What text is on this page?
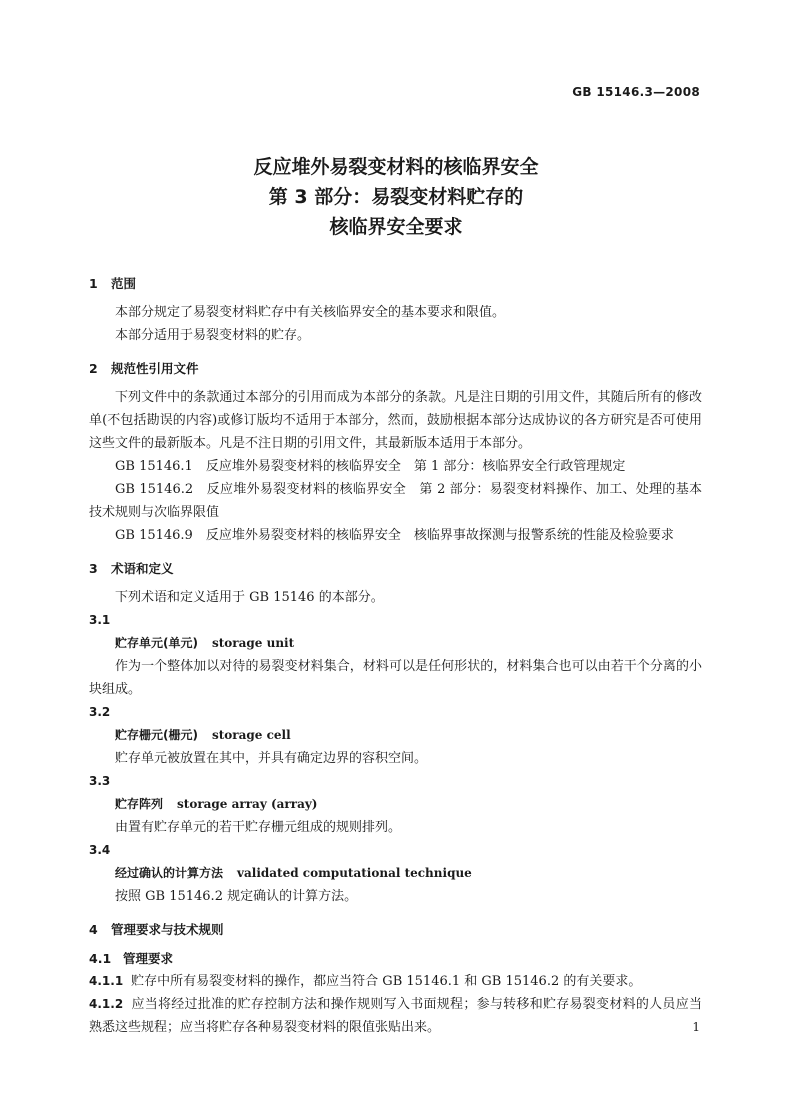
GB 15146.3—2008
反应堆外易裂变材料的核临界安全
第 3 部分：易裂变材料贮存的
核临界安全要求

1 范围

本部分规定了易裂变材料贮存中有关核临界安全的基本要求和限值。

本部分适用于易裂变材料的贮存。

2 规范性引用文件

下列文件中的条款通过本部分的引用而成为本部分的条款。凡是注日期的引用文件，其随后所有的修改单(不包括勘误的内容)或修订版均不适用于本部分，然而，鼓励根据本部分达成协议的各方研究是否可使用这些文件的最新版本。凡是不注日期的引用文件，其最新版本适用于本部分。

GB 15146.1　反应堆外易裂变材料的核临界安全　第 1 部分：核临界安全行政管理规定

GB 15146.2　反应堆外易裂变材料的核临界安全　第 2 部分：易裂变材料操作、加工、处理的基本技术规则与次临界限值

GB 15146.9　反应堆外易裂变材料的核临界安全　核临界事故探测与报警系统的性能及检验要求

3 术语和定义

下列术语和定义适用于 GB 15146 的本部分。

3.1

贮存单元(单元) storage unit

作为一个整体加以对待的易裂变材料集合，材料可以是任何形状的，材料集合也可以由若干个分离的小块组成。

3.2

贮存栅元(栅元) storage cell

贮存单元被放置在其中，并具有确定边界的容积空间。

3.3

贮存阵列 storage array (array)

由置有贮存单元的若干贮存栅元组成的规则排列。

3.4

经过确认的计算方法 validated computational technique

按照 GB 15146.2 规定确认的计算方法。

4 管理要求与技术规则

4.1 管理要求

4.1.1 贮存中所有易裂变材料的操作，都应当符合 GB 15146.1 和 GB 15146.2 的有关要求。

4.1.2 应当将经过批准的贮存控制方法和操作规则写入书面规程；参与转移和贮存易裂变材料的人员应当熟悉这些规程；应当将贮存各种易裂变材料的限值张贴出来。	1
